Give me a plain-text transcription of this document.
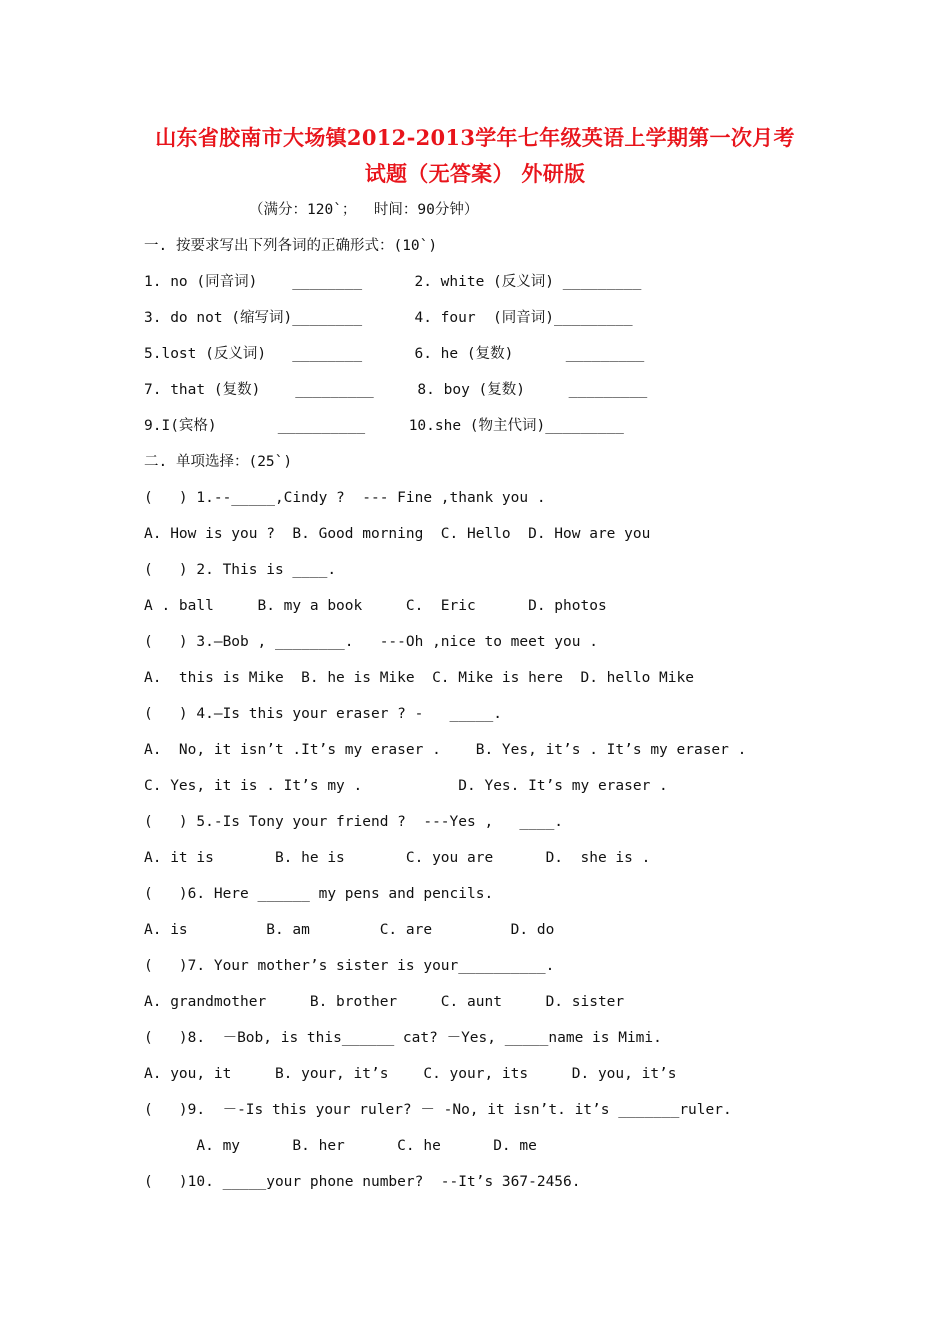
山东省胶南市大场镇2012-2013学年七年级英语上学期第一次月考
试题（无答案） 外研版
（满分：120`；  时间：90分钟）
一. 按要求写出下列各词的正确形式：(10`)
1. no (同音词)    ________      2. white (反义词) _________
3. do not (缩写词)________      4. four  (同音词)_________
5.lost (反义词)   ________      6. he (复数)      _________
7. that (复数)    _________     8. boy (复数)     _________
9.I(宾格)       __________     10.she (物主代词)_________
二. 单项选择：(25`)
(   ) 1.--_____,Cindy ?  --- Fine ,thank you .
A. How is you ?  B. Good morning  C. Hello  D. How are you
(   ) 2. This is ____.
A . ball     B. my a book     C.  Eric      D. photos
(   ) 3.—Bob , ________.   ---Oh ,nice to meet you .
A.  this is Mike  B. he is Mike  C. Mike is here  D. hello Mike
(   ) 4.—Is this your eraser ? -   _____.
A.  No, it isn’t .It’s my eraser .    B. Yes, it’s . It’s my eraser .
C. Yes, it is . It’s my .           D. Yes. It’s my eraser .
(   ) 5.-Is Tony your friend ?  ---Yes ,   ____.
A. it is       B. he is       C. you are      D.  she is .
(   )6. Here ______ my pens and pencils.
A. is         B. am        C. are         D. do
(   )7. Your mother’s sister is your__________.
A. grandmother     B. brother     C. aunt     D. sister
(   )8.  －Bob, is this______ cat? －Yes, _____name is Mimi.
A. you, it     B. your, it’s    C. your, its     D. you, it’s
(   )9.  －-Is this your ruler? － -No, it isn’t. it’s _______ruler.
A. my      B. her      C. he      D. me
(   )10. _____your phone number?  --It’s 367-2456.
